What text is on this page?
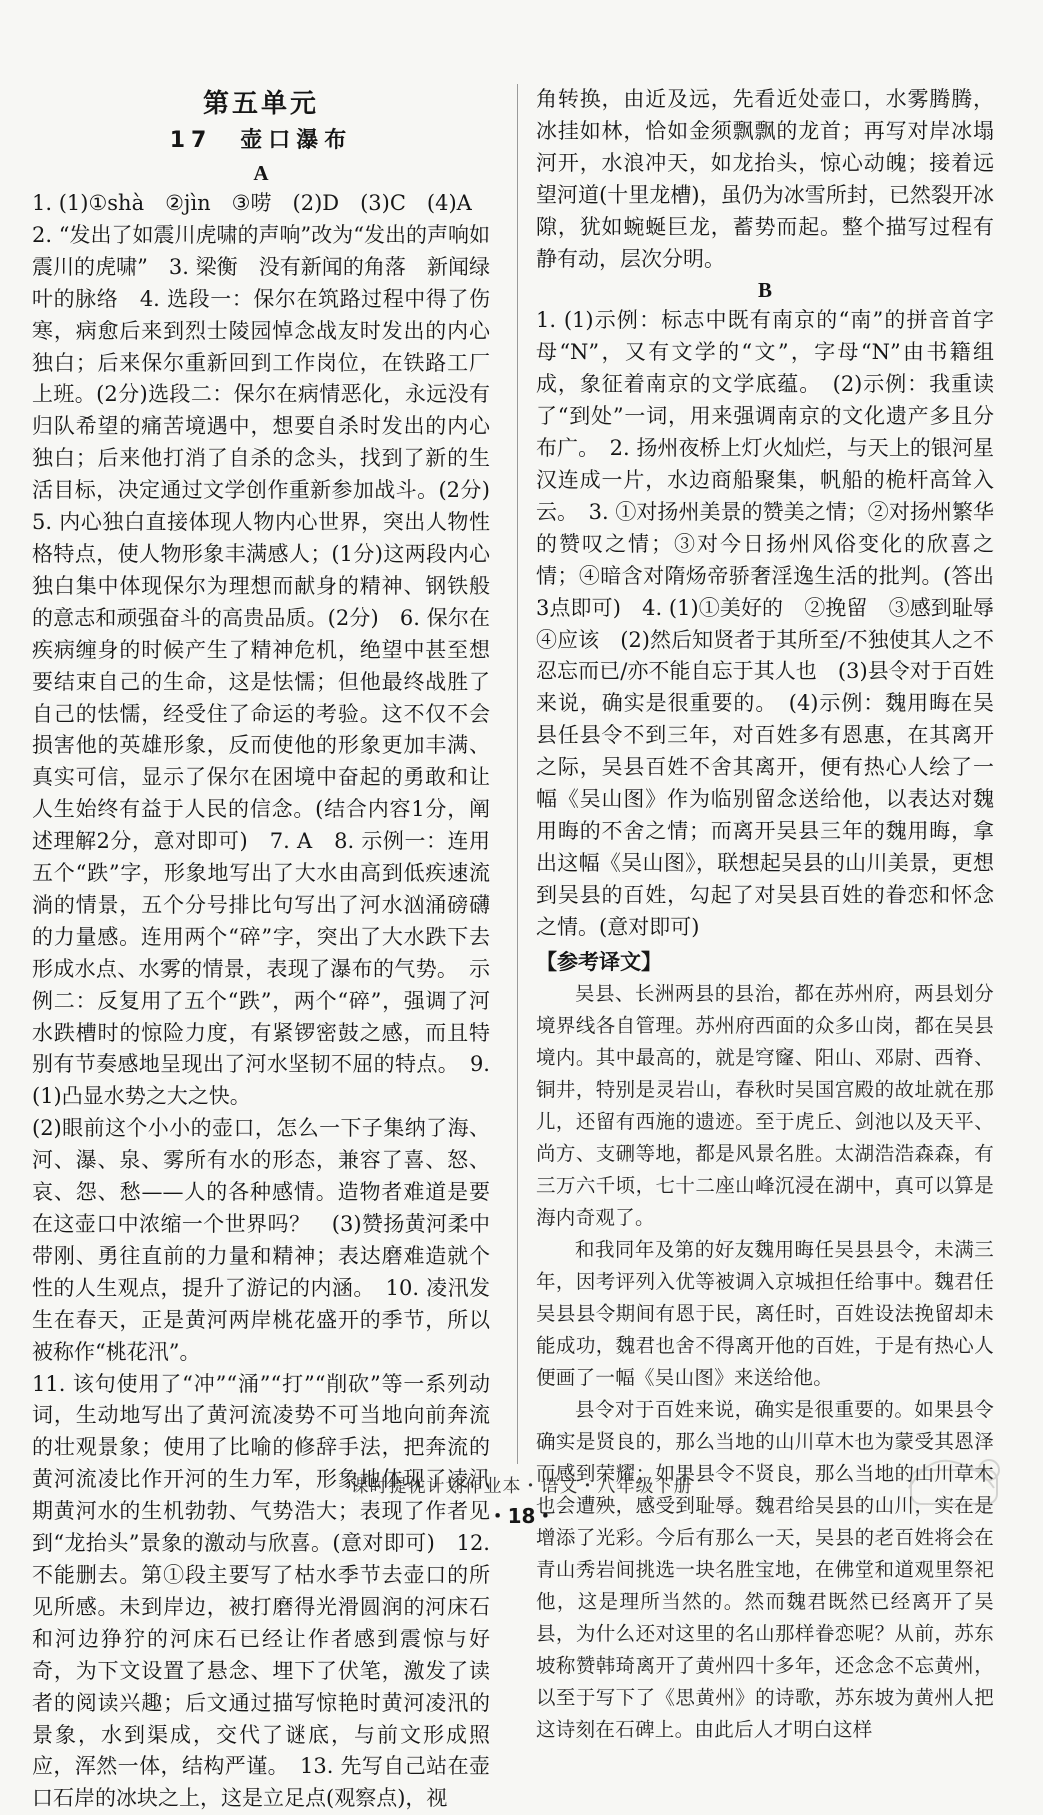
第五单元
17　壶口瀑布
A

1. (1)①shà　②jìn　③唠　(2)D　(3)C　(4)A

2. “发出了如震川虎啸的声响”改为“发出的声响如震川的虎啸”　3. 梁衡　没有新闻的角落　新闻绿叶的脉络　4. 选段一：保尔在筑路过程中得了伤寒，病愈后来到烈士陵园悼念战友时发出的内心独白；后来保尔重新回到工作岗位，在铁路工厂上班。(2分)选段二：保尔在病情恶化，永远没有归队希望的痛苦境遇中，想要自杀时发出的内心独白；后来他打消了自杀的念头，找到了新的生活目标，决定通过文学创作重新参加战斗。(2分)　5. 内心独白直接体现人物内心世界，突出人物性格特点，使人物形象丰满感人；(1分)这两段内心独白集中体现保尔为理想而献身的精神、钢铁般的意志和顽强奋斗的高贵品质。(2分)　6. 保尔在疾病缠身的时候产生了精神危机，绝望中甚至想要结束自己的生命，这是怯懦；但他最终战胜了自己的怯懦，经受住了命运的考验。这不仅不会损害他的英雄形象，反而使他的形象更加丰满、真实可信，显示了保尔在困境中奋起的勇敢和让人生始终有益于人民的信念。(结合内容1分，阐述理解2分，意对即可)　7. A　8. 示例一：连用五个“跌”字，形象地写出了大水由高到低疾速流淌的情景，五个分号排比句写出了河水汹涌磅礴的力量感。连用两个“碎”字，突出了大水跌下去形成水点、水雾的情景，表现了瀑布的气势。　示例二：反复用了五个“跌”，两个“碎”，强调了河水跌槽时的惊险力度，有紧锣密鼓之感，而且特别有节奏感地呈现出了河水坚韧不屈的特点。　9. (1)凸显水势之大之快。

(2)眼前这个小小的壶口，怎么一下子集纳了海、河、瀑、泉、雾所有水的形态，兼容了喜、怒、哀、怨、愁——人的各种感情。造物者难道是要在这壶口中浓缩一个世界吗？　(3)赞扬黄河柔中带刚、勇往直前的力量和精神；表达磨难造就个性的人生观点，提升了游记的内涵。　10. 凌汛发生在春天，正是黄河两岸桃花盛开的季节，所以被称作“桃花汛”。

11. 该句使用了“冲”“涌”“打”“削砍”等一系列动词，生动地写出了黄河流凌势不可当地向前奔流的壮观景象；使用了比喻的修辞手法，把奔流的黄河流凌比作开河的生力军，形象地体现了凌汛期黄河水的生机勃勃、气势浩大；表现了作者见到“龙抬头”景象的激动与欣喜。(意对即可)　12. 不能删去。第①段主要写了枯水季节去壶口的所见所感。未到岸边，被打磨得光滑圆润的河床石和河边狰狞的河床石已经让作者感到震惊与好奇，为下文设置了悬念、埋下了伏笔，激发了读者的阅读兴趣；后文通过描写惊艳时黄河凌汛的景象，水到渠成，交代了谜底，与前文形成照应，浑然一体，结构严谨。　13. 先写自己站在壶口石岸的冰块之上，这是立足点(观察点)，视

角转换，由近及远，先看近处壶口，水雾腾腾，冰挂如林，恰如金须飘飘的龙首；再写对岸冰塌河开，水浪冲天，如龙抬头，惊心动魄；接着远望河道(十里龙槽)，虽仍为冰雪所封，已然裂开冰隙，犹如蜿蜒巨龙，蓄势而起。整个描写过程有静有动，层次分明。

B

1. (1)示例：标志中既有南京的“南”的拼音首字母“N”，又有文学的“文”，字母“N”由书籍组成，象征着南京的文学底蕴。　(2)示例：我重读了“到处”一词，用来强调南京的文化遗产多且分布广。　2. 扬州夜桥上灯火灿烂，与天上的银河星汉连成一片，水边商船聚集，帆船的桅杆高耸入云。　3. ①对扬州美景的赞美之情；②对扬州繁华的赞叹之情；③对今日扬州风俗变化的欣喜之情；④暗含对隋炀帝骄奢淫逸生活的批判。(答出3点即可)　4. (1)①美好的　②挽留　③感到耻辱　④应该　(2)然后知贤者于其所至/不独使其人之不忍忘而已/亦不能自忘于其人也　(3)县令对于百姓来说，确实是很重要的。　(4)示例：魏用晦在吴县任县令不到三年，对百姓多有恩惠，在其离开之际，吴县百姓不舍其离开，便有热心人绘了一幅《吴山图》作为临别留念送给他，以表达对魏用晦的不舍之情；而离开吴县三年的魏用晦，拿出这幅《吴山图》，联想起吴县的山川美景，更想到吴县的百姓，勾起了对吴县百姓的眷恋和怀念之情。(意对即可)

【参考译文】

吴县、长洲两县的县治，都在苏州府，两县划分境界线各自管理。苏州府西面的众多山岗，都在吴县境内。其中最高的，就是穹窿、阳山、邓尉、西脊、铜井，特别是灵岩山，春秋时吴国宫殿的故址就在那儿，还留有西施的遗迹。至于虎丘、剑池以及天平、尚方、支硎等地，都是风景名胜。太湖浩浩森森，有三万六千顷，七十二座山峰沉浸在湖中，真可以算是海内奇观了。

和我同年及第的好友魏用晦任吴县县令，未满三年，因考评列入优等被调入京城担任给事中。魏君任吴县县令期间有恩于民，离任时，百姓设法挽留却未能成功，魏君也舍不得离开他的百姓，于是有热心人便画了一幅《吴山图》来送给他。

县令对于百姓来说，确实是很重要的。如果县令确实是贤良的，那么当地的山川草木也为蒙受其恩泽而感到荣耀；如果县令不贤良，那么当地的山川草木也会遭殃，感受到耻辱。魏君给吴县的山川，实在是增添了光彩。今后有那么一天，吴县的老百姓将会在青山秀岩间挑选一块名胜宝地，在佛堂和道观里祭祀他，这是理所当然的。然而魏君既然已经离开了吴县，为什么还对这里的名山那样眷恋呢？从前，苏东坡称赞韩琦离开了黄州四十多年，还念念不忘黄州，以至于写下了《思黄州》的诗歌，苏东坡为黄州人把这诗刻在石碑上。由此后人才明白这样

课时提优计划作业本・语文・八年级下册
・18・
